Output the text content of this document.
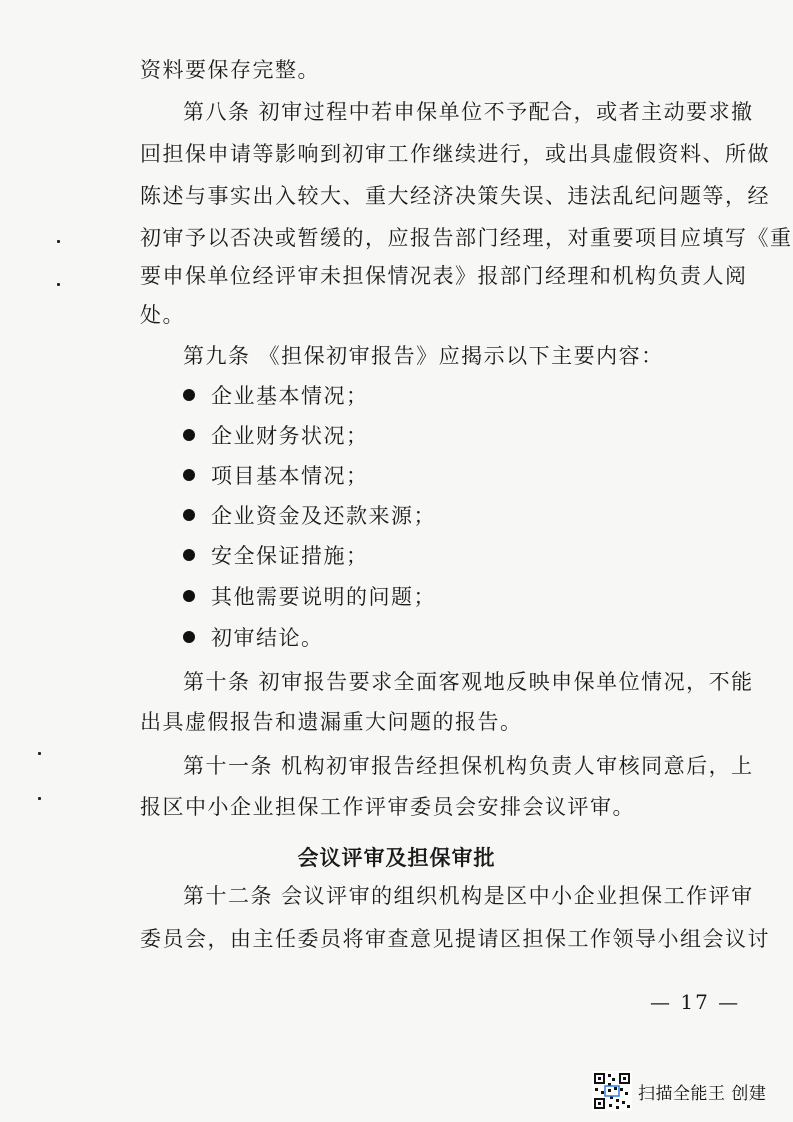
资料要保存完整。
第八条 初审过程中若申保单位不予配合，或者主动要求撤
回担保申请等影响到初审工作继续进行，或出具虚假资料、所做
陈述与事实出入较大、重大经济决策失误、违法乱纪问题等，经
初审予以否决或暂缓的，应报告部门经理，对重要项目应填写《重
要申保单位经评审未担保情况表》报部门经理和机构负责人阅
处。
第九条 《担保初审报告》应揭示以下主要内容：
企业基本情况；
企业财务状况；
项目基本情况；
企业资金及还款来源；
安全保证措施；
其他需要说明的问题；
初审结论。
第十条 初审报告要求全面客观地反映申保单位情况，不能
出具虚假报告和遗漏重大问题的报告。
第十一条 机构初审报告经担保机构负责人审核同意后，上
报区中小企业担保工作评审委员会安排会议评审。
会议评审及担保审批
第十二条 会议评审的组织机构是区中小企业担保工作评审
委员会，由主任委员将审查意见提请区担保工作领导小组会议讨
— 17 —
扫描全能王 创建
